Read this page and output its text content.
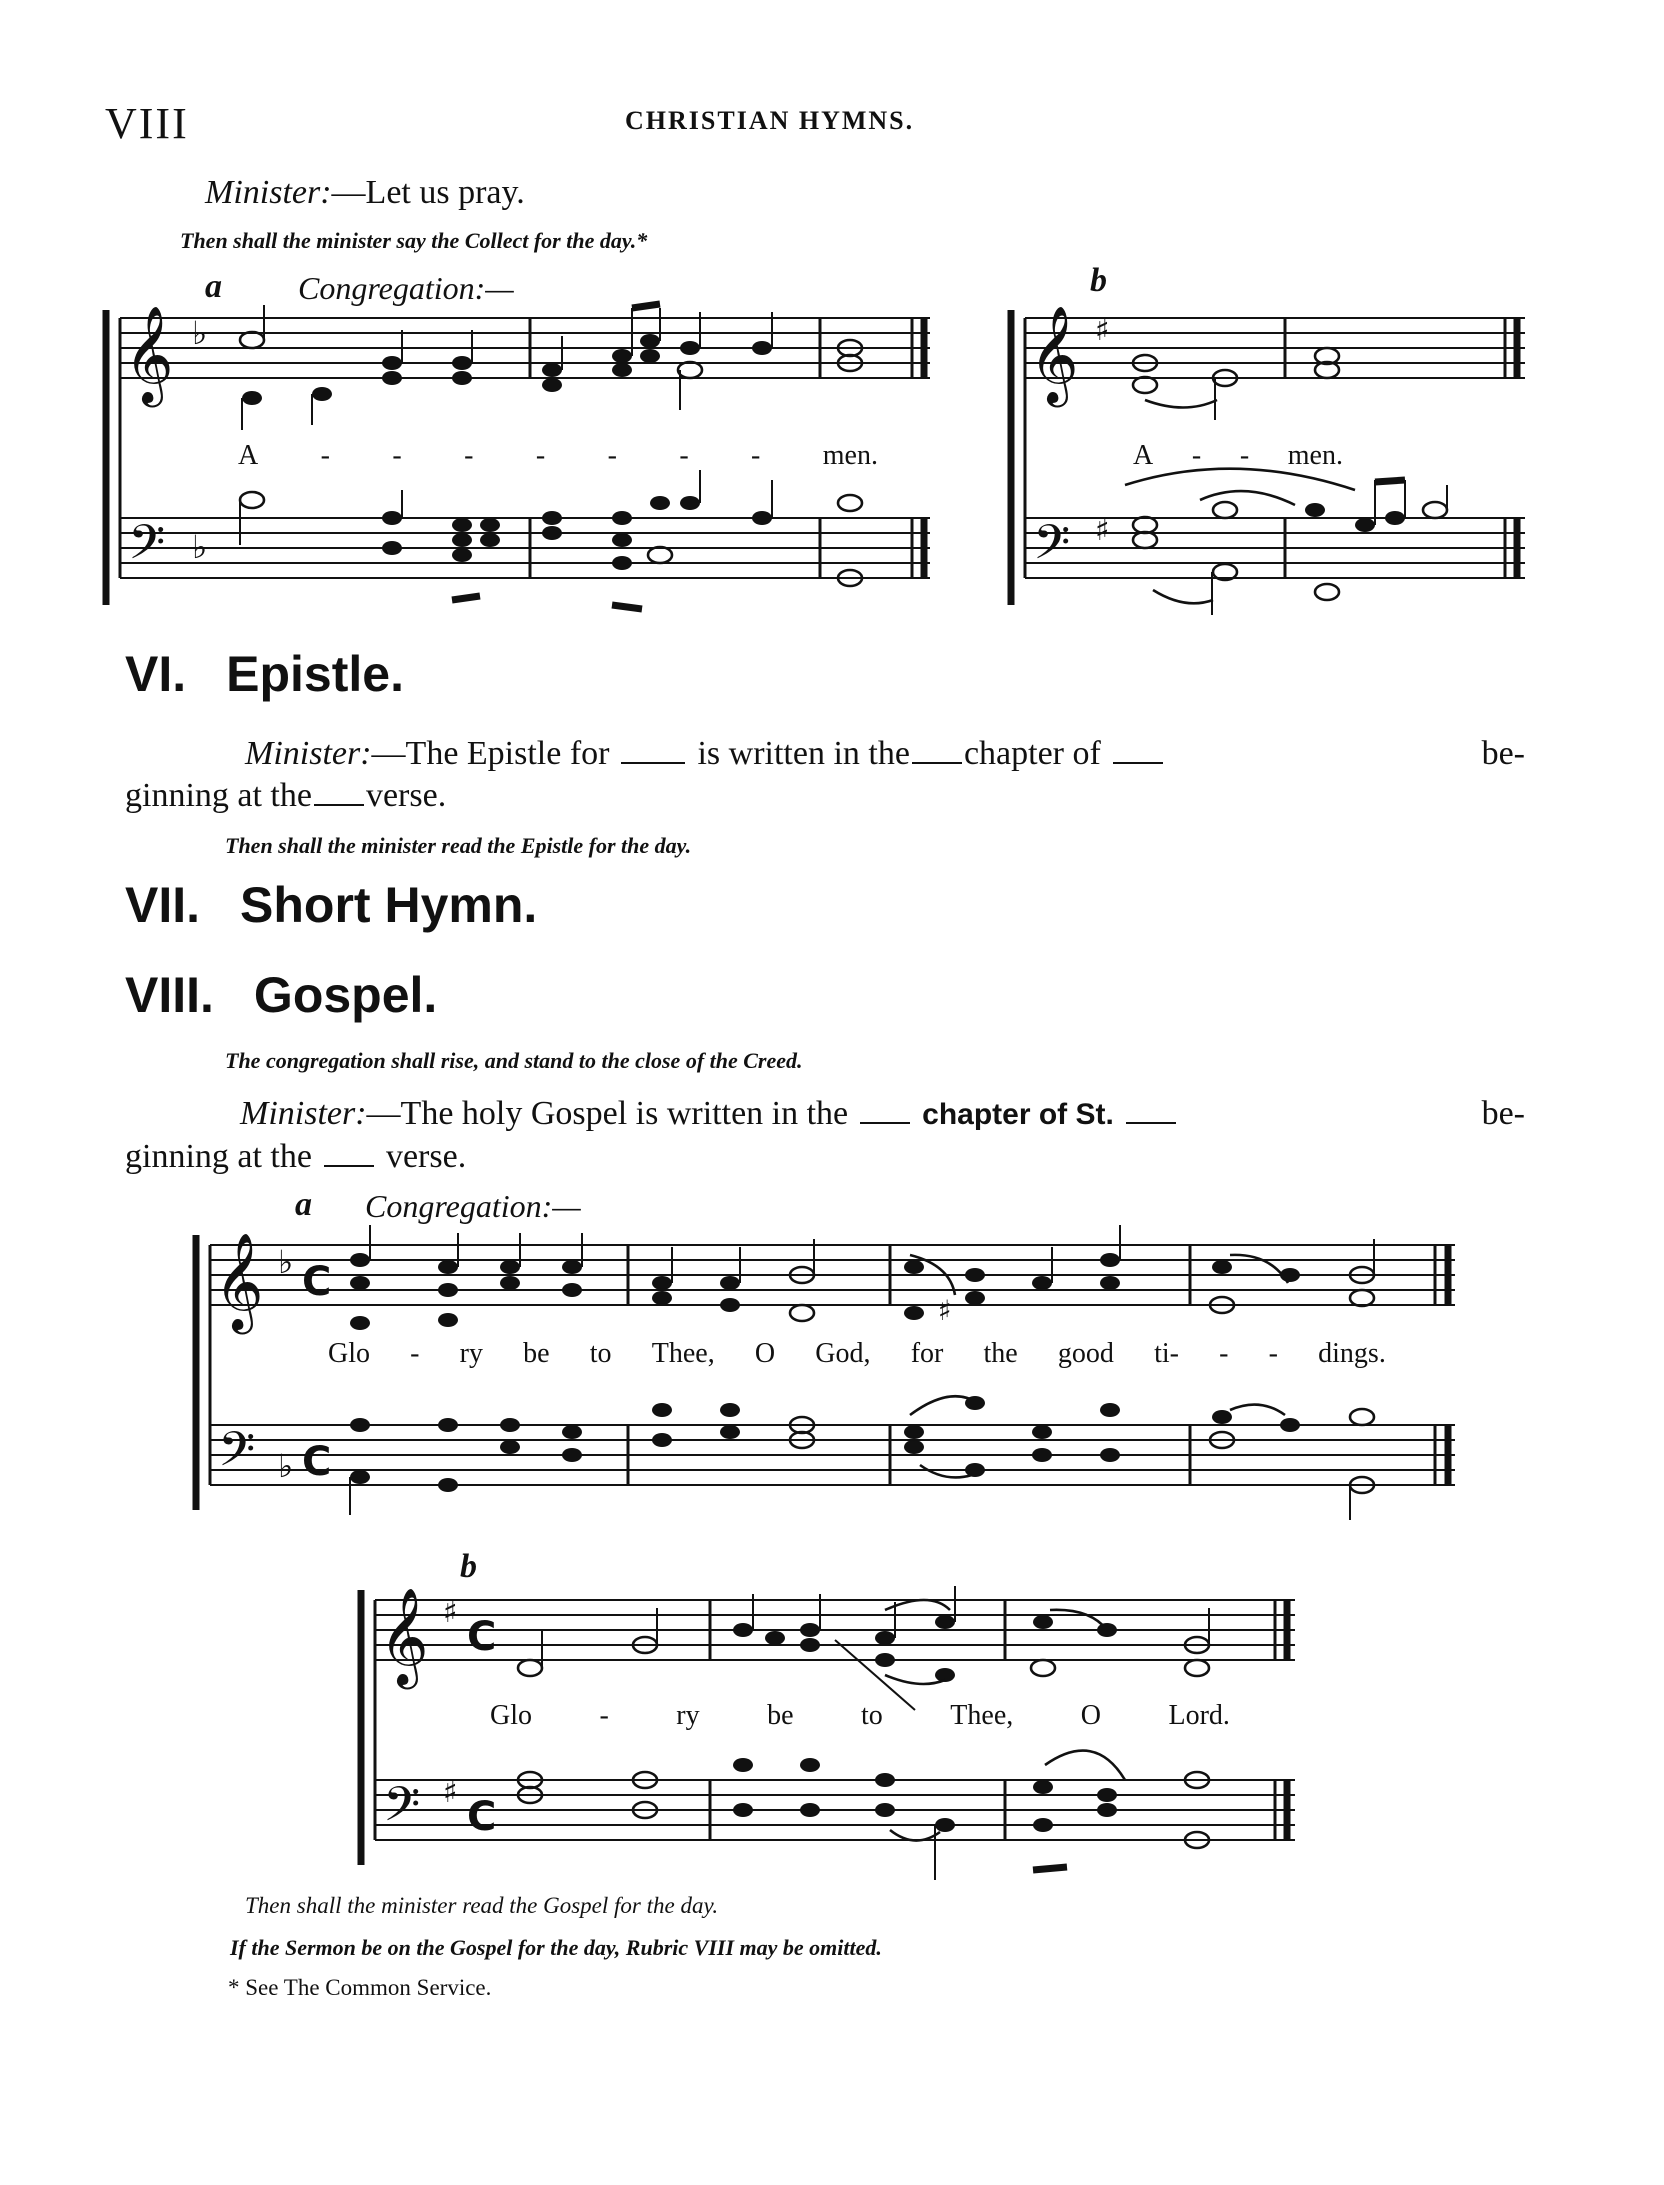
VIII	CHRISTIAN HYMNS.
Minister:—Let us pray.
Then shall the minister say the Collect for the day.*
a Congregation:—
𝄞
𝄢
♭
♭
A - - - - - - - men.
b
𝄞
𝄢
♯
♯
A - - men.
VI. Epistle.
Minister: —The Epistle for	is written in the chapter of	be-
ginning at the verse.
Then shall the minister read the Epistle for the day.
VII. Short Hymn.
VIII. Gospel.
The congregation shall rise, and stand to the close of the Creed.
Minister: —The holy Gospel is written in the chapter of St.	be-
ginning at the verse.
a Congregation:—
𝄞
𝄢
♭
♭
C
C
♯
Glo - ry be to Thee, O God, for the good ti- - - dings.
b
𝄞
𝄢
♯
♯
C
C
Glo - ry be to Thee, O Lord.
Then shall the minister read the Gospel for the day.
If the Sermon be on the Gospel for the day, Rubric VIII may be omitted.
* See The Common Service.
